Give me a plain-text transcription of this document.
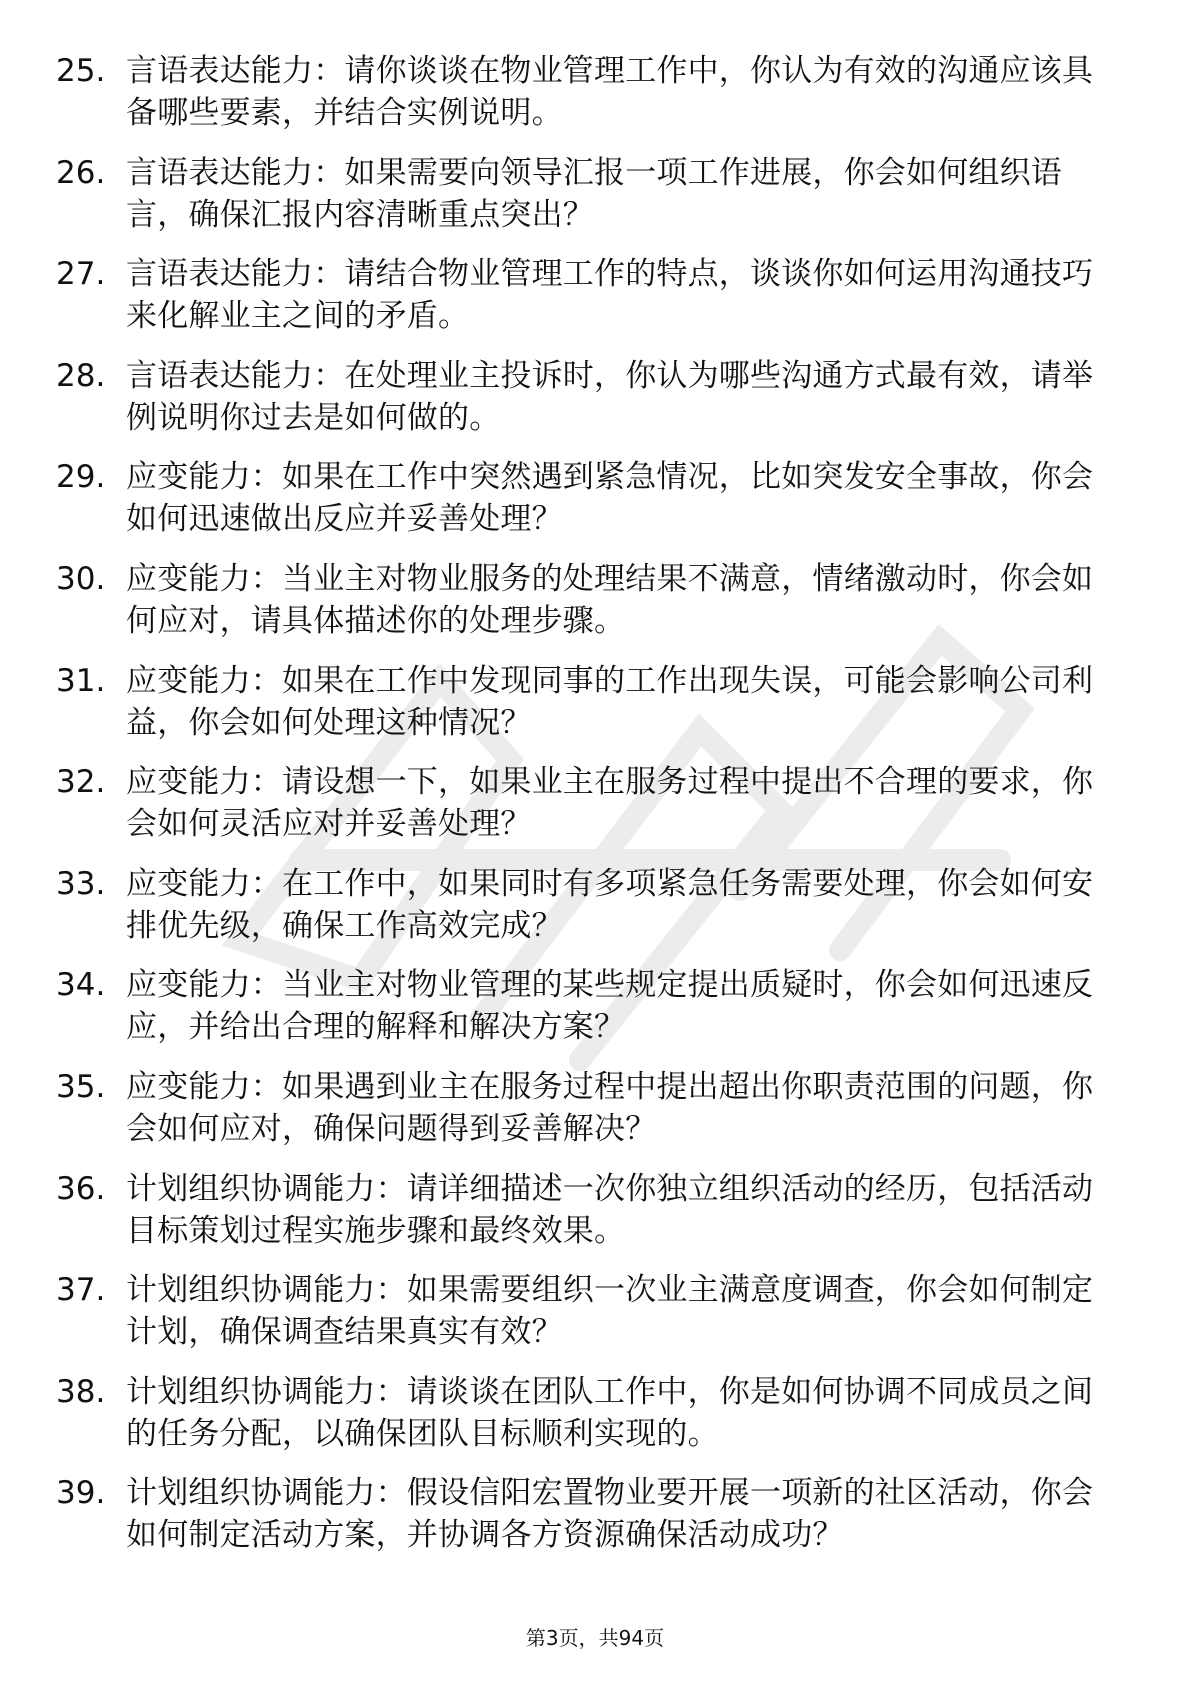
25. 言语表达能力：请你谈谈在物业管理工作中，你认为有效的沟通应该具备哪些要素，并结合实例说明。
26. 言语表达能力：如果需要向领导汇报一项工作进展，你会如何组织语言，确保汇报内容清晰重点突出？
27. 言语表达能力：请结合物业管理工作的特点，谈谈你如何运用沟通技巧来化解业主之间的矛盾。
28. 言语表达能力：在处理业主投诉时，你认为哪些沟通方式最有效，请举例说明你过去是如何做的。
29. 应变能力：如果在工作中突然遇到紧急情况，比如突发安全事故，你会如何迅速做出反应并妥善处理？
30. 应变能力：当业主对物业服务的处理结果不满意，情绪激动时，你会如何应对，请具体描述你的处理步骤。
31. 应变能力：如果在工作中发现同事的工作出现失误，可能会影响公司利益，你会如何处理这种情况？
32. 应变能力：请设想一下，如果业主在服务过程中提出不合理的要求，你会如何灵活应对并妥善处理？
33. 应变能力：在工作中，如果同时有多项紧急任务需要处理，你会如何安排优先级，确保工作高效完成？
34. 应变能力：当业主对物业管理的某些规定提出质疑时，你会如何迅速反应，并给出合理的解释和解决方案？
35. 应变能力：如果遇到业主在服务过程中提出超出你职责范围的问题，你会如何应对，确保问题得到妥善解决？
36. 计划组织协调能力：请详细描述一次你独立组织活动的经历，包括活动目标策划过程实施步骤和最终效果。
37. 计划组织协调能力：如果需要组织一次业主满意度调查，你会如何制定计划，确保调查结果真实有效？
38. 计划组织协调能力：请谈谈在团队工作中，你是如何协调不同成员之间的任务分配，以确保团队目标顺利实现的。
39. 计划组织协调能力：假设信阳宏置物业要开展一项新的社区活动，你会如何制定活动方案，并协调各方资源确保活动成功？
第3页，共94页
